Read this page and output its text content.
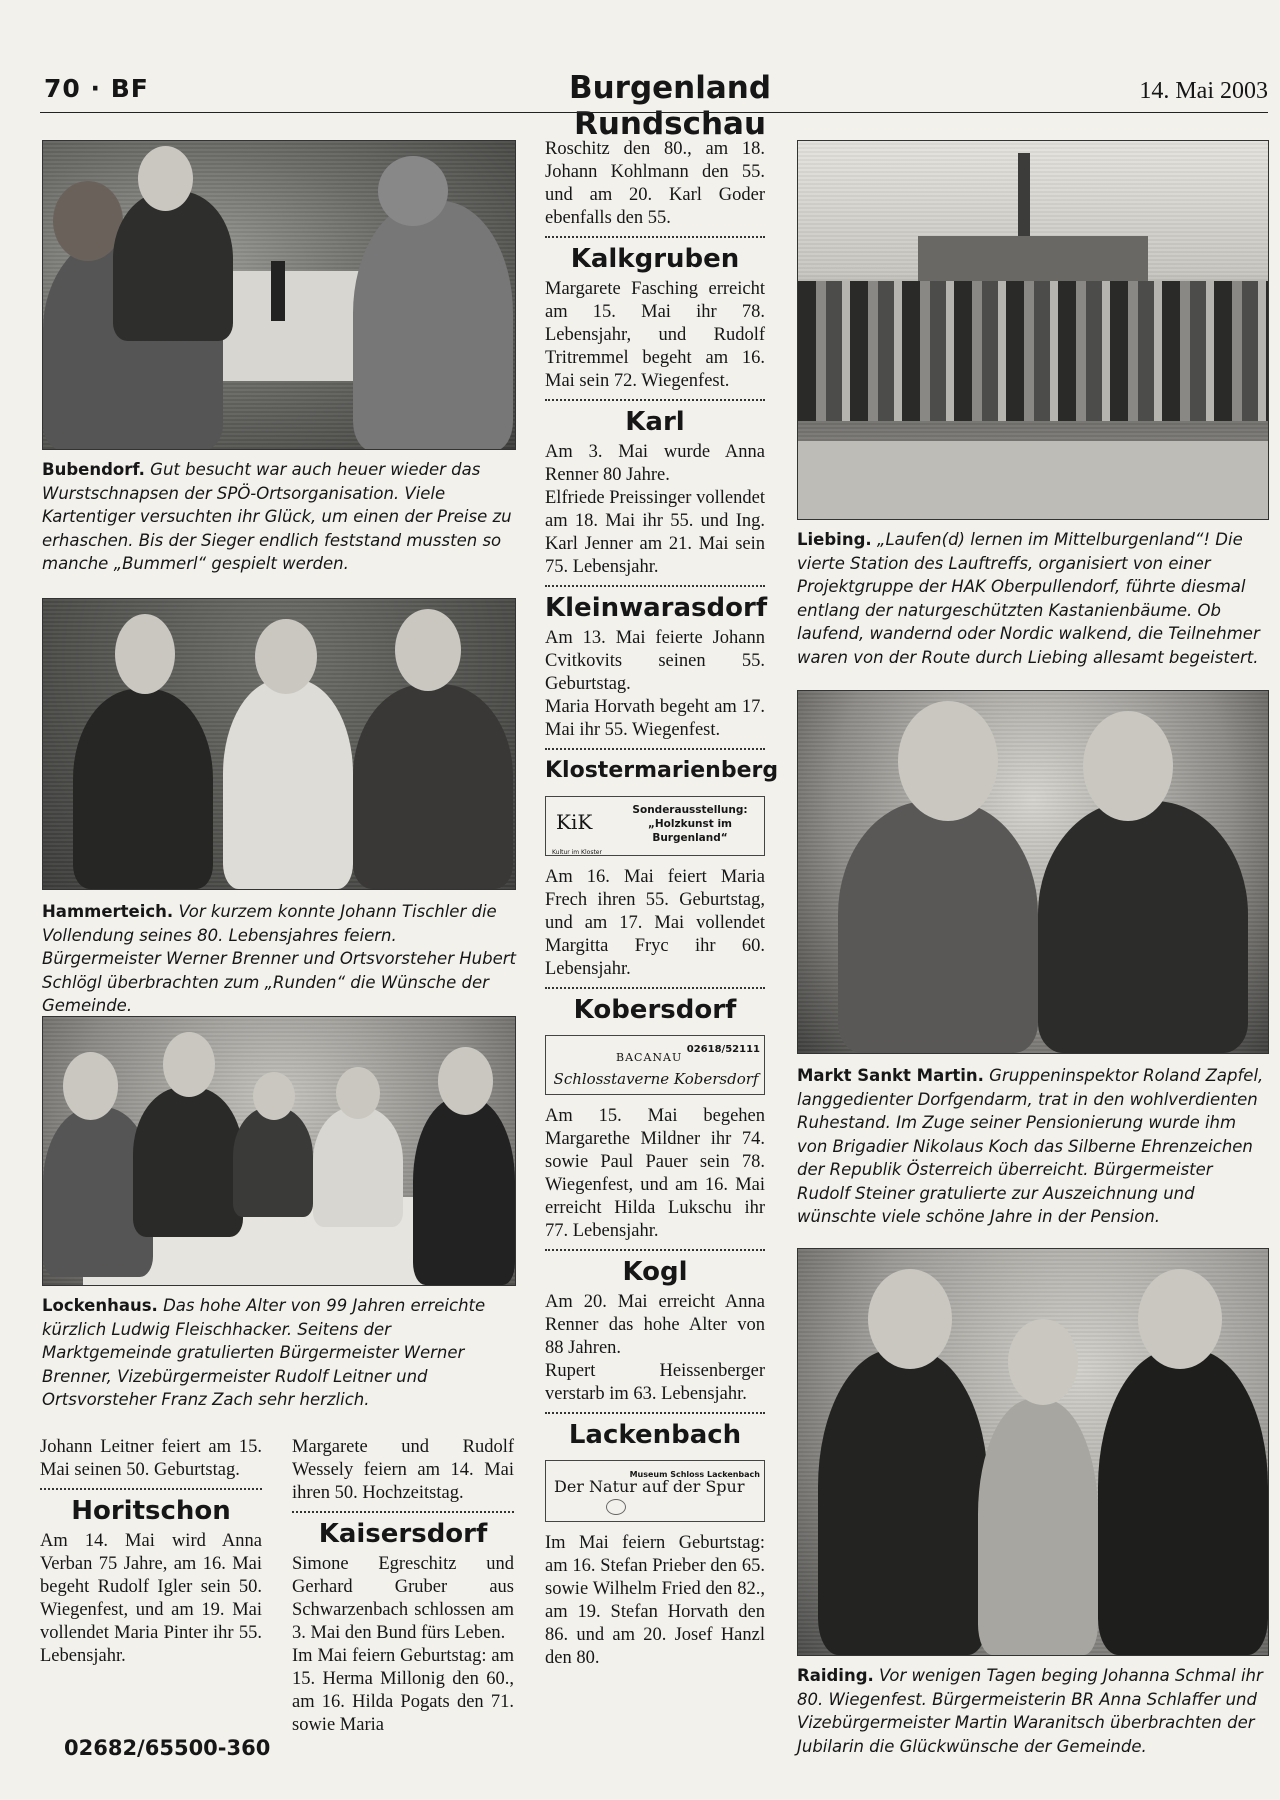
70 · BF	Burgenland Rundschau
14. Mai 2003
Bubendorf. Gut besucht war auch heuer wieder das Wurstschnapsen der SPÖ-Ortsorganisation. Viele Kartentiger versuchten ihr Glück, um einen der Preise zu erhaschen. Bis der Sieger endlich feststand mussten so manche „Bummerl“ gespielt werden.
Hammerteich. Vor kurzem konnte Johann Tischler die Vollendung seines 80. Lebensjahres feiern. Bürgermeister Werner Brenner und Ortsvorsteher Hubert Schlögl überbrachten zum „Runden“ die Wünsche der Gemeinde.
Lockenhaus. Das hohe Alter von 99 Jahren erreichte kürzlich Ludwig Fleischhacker. Seitens der Marktgemeinde gratulierten Bürgermeister Werner Brenner, Vizebürgermeister Rudolf Leitner und Ortsvorsteher Franz Zach sehr herzlich.

Johann Leitner feiert am 15. Mai seinen 50. Geburtstag.

Horitschon

Am 14. Mai wird Anna Verban 75 Jahre, am 16. Mai begeht Rudolf Igler sein 50. Wiegenfest, und am 19. Mai vollendet Maria Pinter ihr 55. Lebensjahr.

02682/65500-360

Margarete und Rudolf Wessely feiern am 14. Mai ihren 50. Hochzeitstag.

Kaisersdorf

Simone Egreschitz und Gerhard Gruber aus Schwarzenbach schlossen am 3. Mai den Bund fürs Leben.

Im Mai feiern Geburtstag: am 15. Herma Millonig den 60., am 16. Hilda Pogats den 71. sowie Maria

Roschitz den 80., am 18. Johann Kohlmann den 55. und am 20. Karl Goder ebenfalls den 55.

Kalkgruben

Margarete Fasching erreicht am 15. Mai ihr 78. Lebensjahr, und Rudolf Tritremmel begeht am 16. Mai sein 72. Wiegenfest.

Karl

Am 3. Mai wurde Anna Renner 80 Jahre.

Elfriede Preissinger vollendet am 18. Mai ihr 55. und Ing. Karl Jenner am 21. Mai sein 75. Lebensjahr.

Kleinwarasdorf

Am 13. Mai feierte Johann Cvitkovits seinen 55. Geburtstag.

Maria Horvath begeht am 17. Mai ihr 55. Wiegenfest.

Klostermarienberg
KiK
Kultur im Kloster
Sonderausstellung: „Holzkunst im Burgenland“

Am 16. Mai feiert Maria Frech ihren 55. Geburtstag, und am 17. Mai vollendet Margitta Fryc ihr 60. Lebensjahr.

Kobersdorf
02618/52111
BACANAU
Schlosstaverne Kobersdorf

Am 15. Mai begehen Margarethe Mildner ihr 74. sowie Paul Pauer sein 78. Wiegenfest, und am 16. Mai erreicht Hilda Lukschu ihr 77. Lebensjahr.

Kogl

Am 20. Mai erreicht Anna Renner das hohe Alter von 88 Jahren.

Rupert Heissenberger verstarb im 63. Lebensjahr.

Lackenbach
Der Natur auf der Spur
Museum Schloss Lackenbach

Im Mai feiern Geburtstag: am 16. Stefan Prieber den 65. sowie Wilhelm Fried den 82., am 19. Stefan Horvath den 86. und am 20. Josef Hanzl den 80.

Liebing. „Laufen(d) lernen im Mittelburgenland“! Die vierte Station des Lauftreffs, organisiert von einer Projektgruppe der HAK Oberpullendorf, führte diesmal entlang der naturgeschützten Kastanienbäume. Ob laufend, wandernd oder Nordic walkend, die Teilnehmer waren von der Route durch Liebing allesamt begeistert.
Markt Sankt Martin. Gruppeninspektor Roland Zapfel, langgedienter Dorfgendarm, trat in den wohlverdienten Ruhestand. Im Zuge seiner Pensionierung wurde ihm von Brigadier Nikolaus Koch das Silberne Ehrenzeichen der Republik Österreich überreicht. Bürgermeister Rudolf Steiner gratulierte zur Auszeichnung und wünschte viele schöne Jahre in der Pension.
Raiding. Vor wenigen Tagen beging Johanna Schmal ihr 80. Wiegenfest. Bürgermeisterin BR Anna Schlaffer und Vizebürgermeister Martin Waranitsch überbrachten der Jubilarin die Glückwünsche der Gemeinde.
